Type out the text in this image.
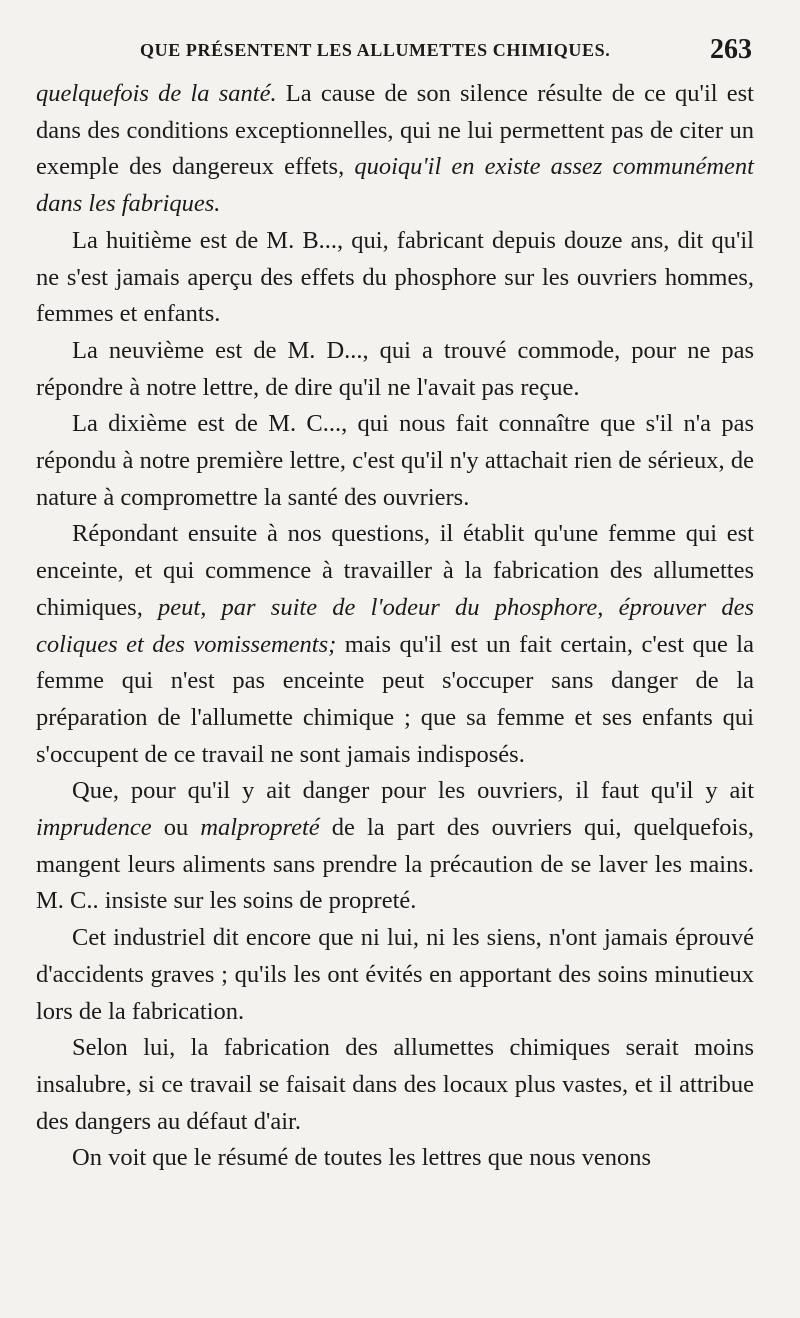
QUE PRÉSENTENT LES ALLUMETTES CHIMIQUES.	263

quelquefois de la santé. La cause de son silence résulte de ce qu'il est dans des conditions exceptionnelles, qui ne lui permettent pas de citer un exemple des dangereux effets, quoiqu'il en existe assez communément dans les fabriques.

La huitième est de M. B..., qui, fabricant depuis douze ans, dit qu'il ne s'est jamais aperçu des effets du phosphore sur les ouvriers hommes, femmes et enfants.

La neuvième est de M. D..., qui a trouvé commode, pour ne pas répondre à notre lettre, de dire qu'il ne l'avait pas reçue.

La dixième est de M. C..., qui nous fait connaître que s'il n'a pas répondu à notre première lettre, c'est qu'il n'y attachait rien de sérieux, de nature à compromettre la santé des ouvriers.

Répondant ensuite à nos questions, il établit qu'une femme qui est enceinte, et qui commence à travailler à la fabrication des allumettes chimiques, peut, par suite de l'odeur du phosphore, éprouver des coliques et des vomissements; mais qu'il est un fait certain, c'est que la femme qui n'est pas enceinte peut s'occuper sans danger de la préparation de l'allumette chimique ; que sa femme et ses enfants qui s'occupent de ce travail ne sont jamais indisposés.

Que, pour qu'il y ait danger pour les ouvriers, il faut qu'il y ait imprudence ou malpropreté de la part des ouvriers qui, quelquefois, mangent leurs aliments sans prendre la précaution de se laver les mains. M. C.. insiste sur les soins de propreté.

Cet industriel dit encore que ni lui, ni les siens, n'ont jamais éprouvé d'accidents graves ; qu'ils les ont évités en apportant des soins minutieux lors de la fabrication.

Selon lui, la fabrication des allumettes chimiques serait moins insalubre, si ce travail se faisait dans des locaux plus vastes, et il attribue des dangers au défaut d'air.

On voit que le résumé de toutes les lettres que nous venons
